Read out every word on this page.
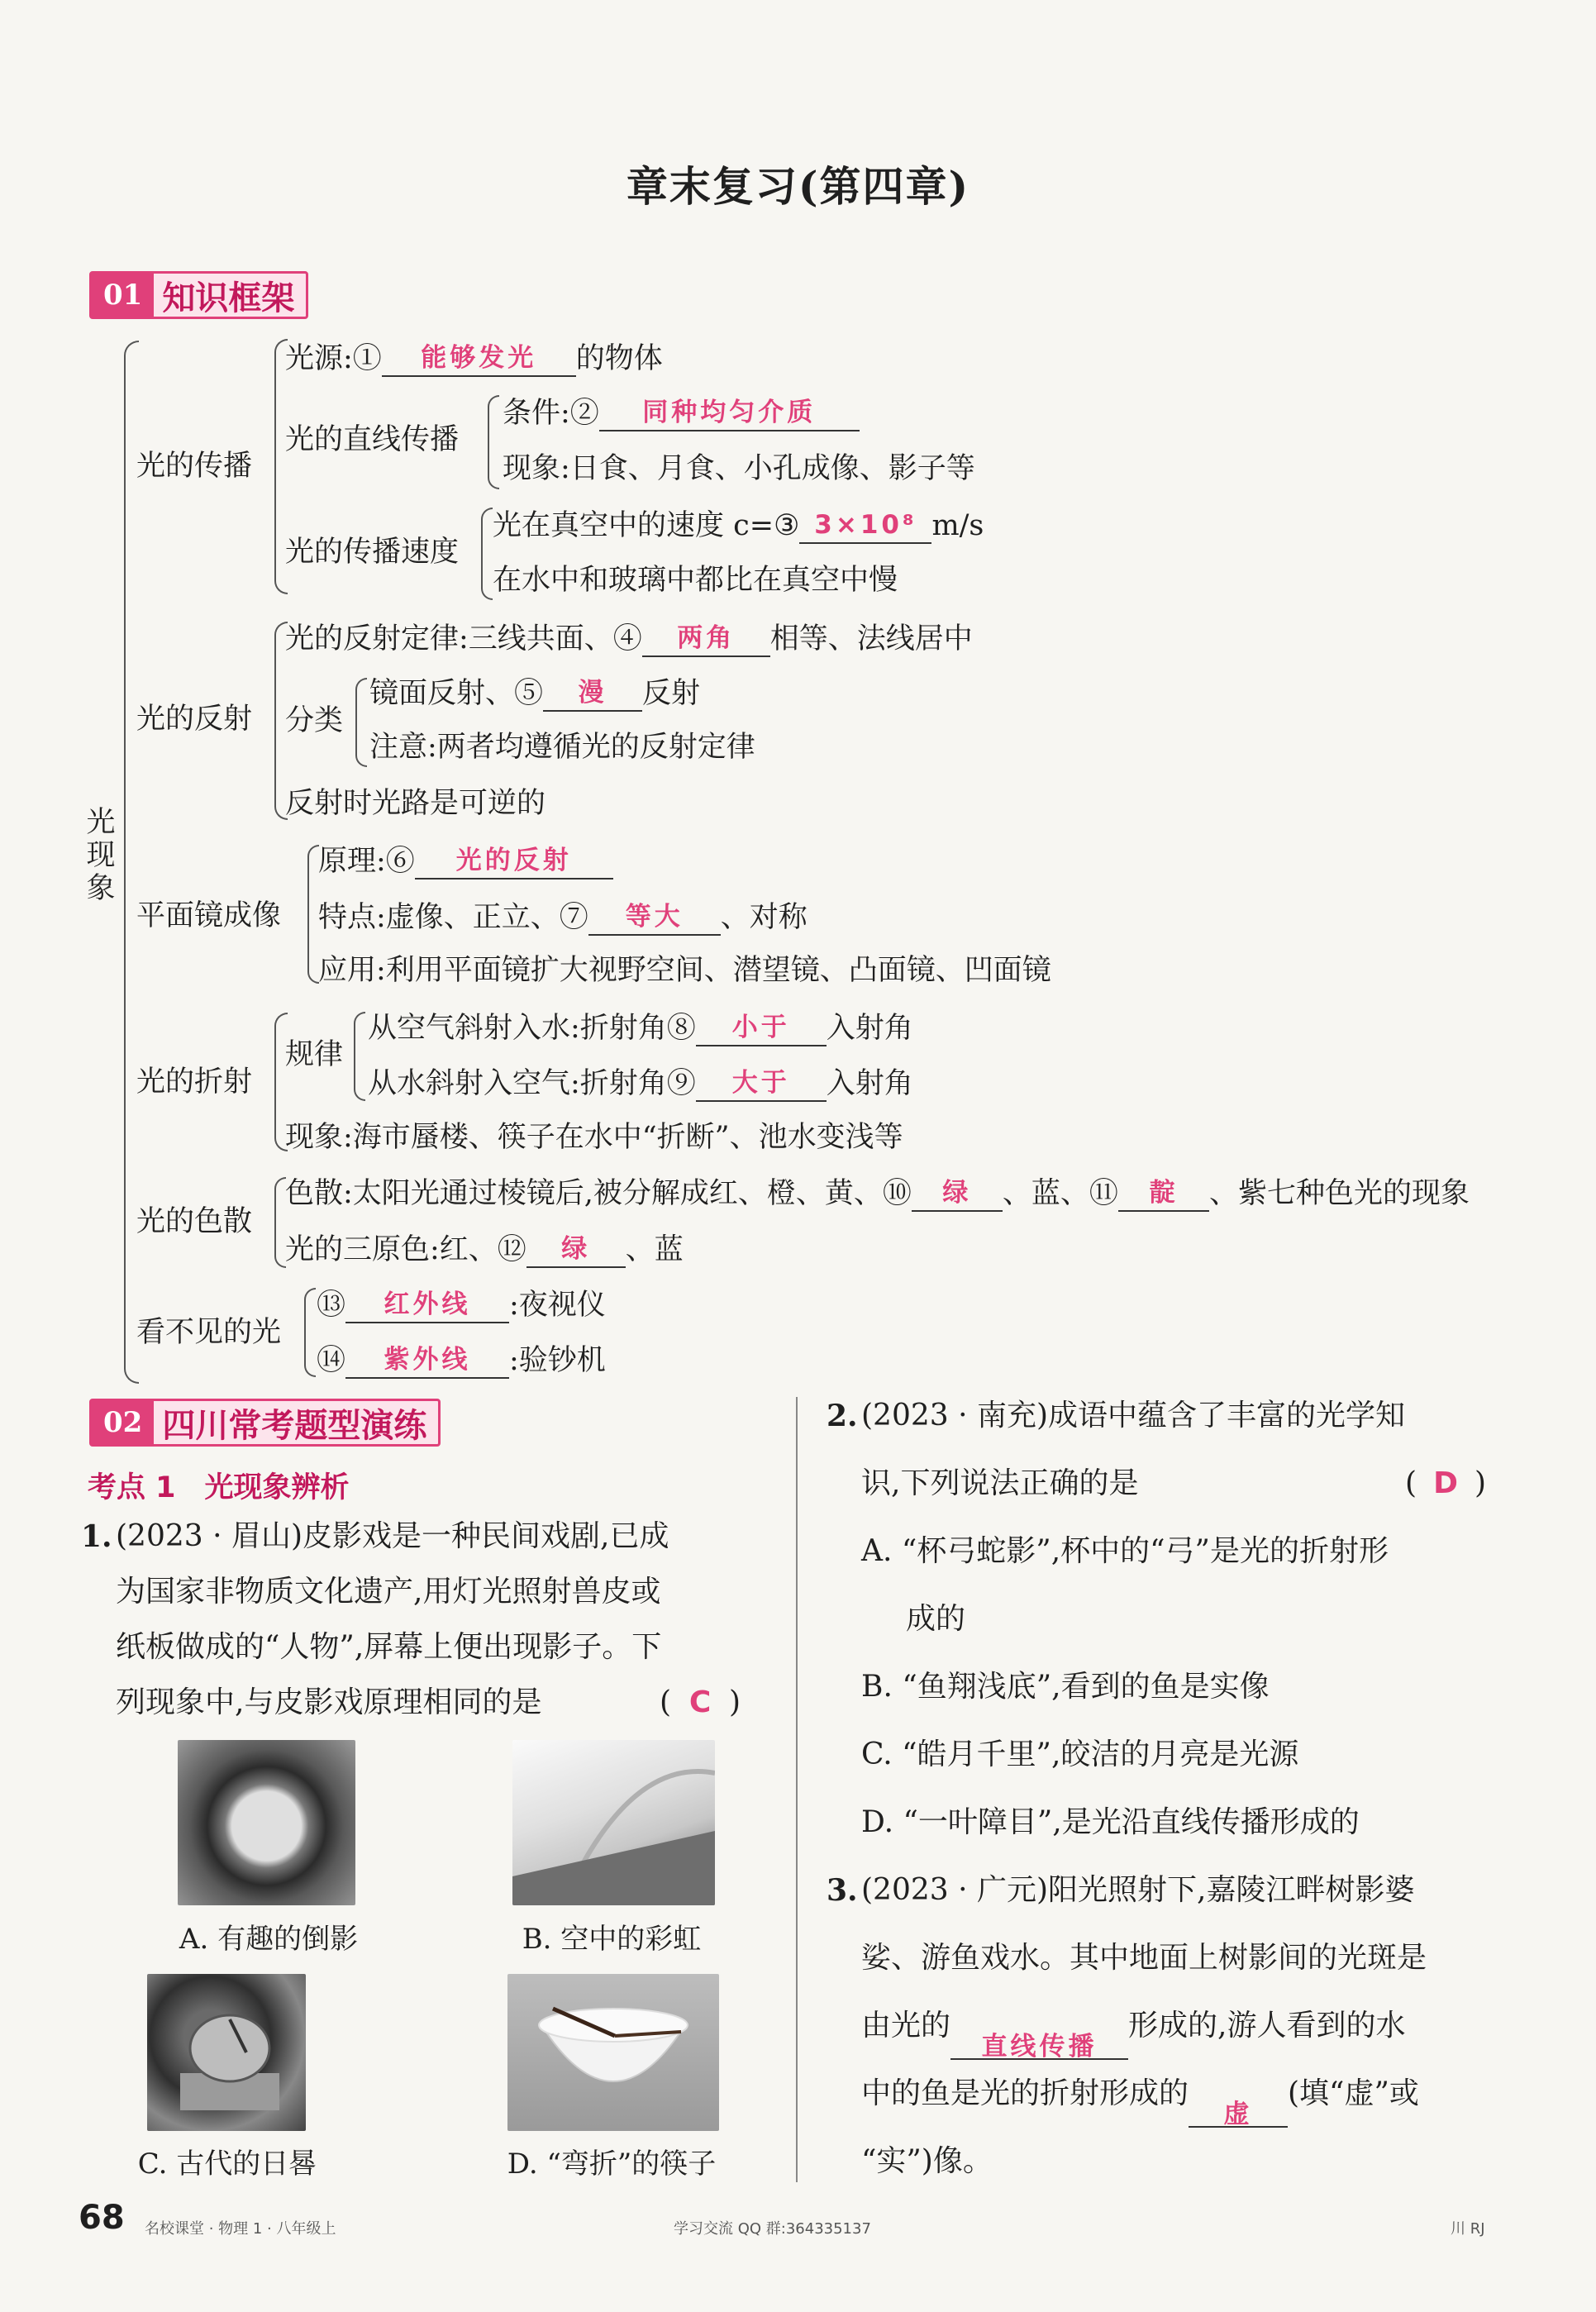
章末复习(第四章)
01 知识框架
光现象
光的传播
光源:① 能够发光 的物体
光的直线传播
条件:② 同种均匀介质
现象:日食、月食、小孔成像、影子等
光的传播速度
光在真空中的速度 c=③ 3×10⁸ m/s
在水中和玻璃中都比在真空中慢
光的反射
光的反射定律:三线共面、④ 两角 相等、法线居中
分类
镜面反射、⑤ 漫 反射
注意:两者均遵循光的反射定律
反射时光路是可逆的
平面镜成像
原理:⑥ 光的反射
特点:虚像、正立、⑦ 等大 、对称
应用:利用平面镜扩大视野空间、潜望镜、凸面镜、凹面镜
光的折射
规律
从空气斜射入水:折射角⑧ 小于 入射角
从水斜射入空气:折射角⑨ 大于 入射角
现象:海市蜃楼、筷子在水中“折断”、池水变浅等
光的色散
色散:太阳光通过棱镜后,被分解成红、橙、黄、⑩ 绿 、蓝、⑪ 靛 、紫七种色光的现象
光的三原色:红、⑫ 绿 、蓝
看不见的光
⑬ 红外线 :夜视仪
⑭ 紫外线 :验钞机
02 四川常考题型演练
考点 1　光现象辨析
1. (2023 · 眉山)皮影戏是一种民间戏剧,已成
为国家非物质文化遗产,用灯光照射兽皮或
纸板做成的“人物”,屏幕上便出现影子。下
列现象中,与皮影戏原理相同的是	( C )
A. 有趣的倒影	B. 空中的彩虹
C. 古代的日晷	D. “弯折”的筷子
2. (2023 · 南充)成语中蕴含了丰富的光学知
识,下列说法正确的是	( D )
A. “杯弓蛇影”,杯中的“弓”是光的折射形
成的
B. “鱼翔浅底”,看到的鱼是实像
C. “皓月千里”,皎洁的月亮是光源
D. “一叶障目”,是光沿直线传播形成的
3. (2023 · 广元)阳光照射下,嘉陵江畔树影婆
娑、游鱼戏水。其中地面上树影间的光斑是
由光的直线传播形成的,游人看到的水
中的鱼是光的折射形成的虚(填“虚”或
“实”)像。
68 名校课堂 · 物理 1 · 八年级上	学习交流 QQ 群:364335137	川 RJ
